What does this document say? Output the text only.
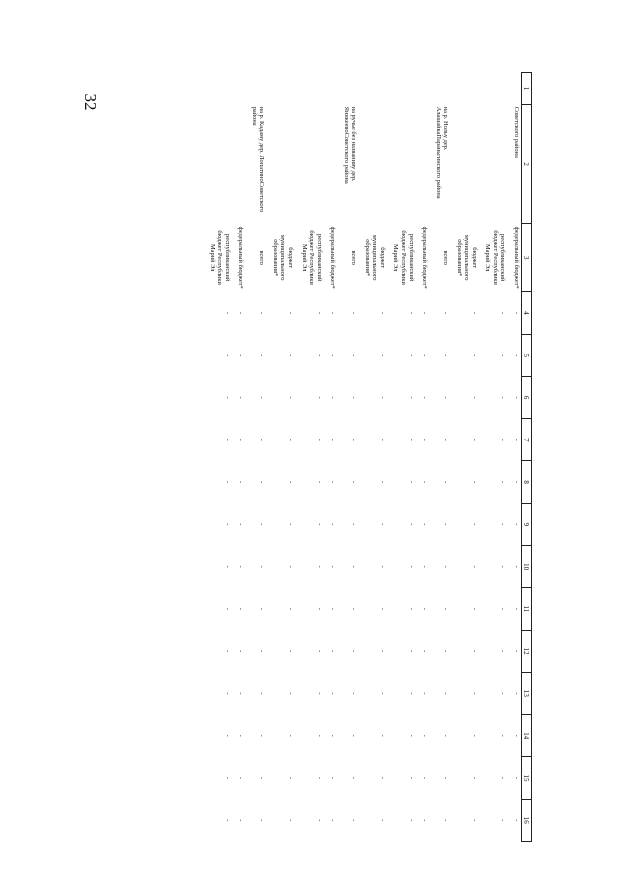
32
1	2	3	4	5	6	7	8	9	10	11	12	13	14	15	16
	Советского района	федеральный бюджет*	-	-	-	-	-	-	-	-	-	-	-	-	-
		республиканский бюджет Республики Марий Эл	-	-	-	-	-	-	-	-	-	-	-	-	-
		бюджет муниципального образования*	-	-	-	-	-	-	-	-	-	-	-	-	-
	на р. Нольу дер. АлашайкаПараньгинского района	всего	-	-	-	-	-	-	-	-	-	-	-	-	-
		федеральный бюджет*	-	-	-	-	-	-	-	-	-	-	-	-	-
		республиканский бюджет Республики Марий Эл	-	-	-	-	-	-	-	-	-	-	-	-	-
		бюджет муниципального образования*	-	-	-	-	-	-	-	-	-	-	-	-	-
	на ручье без названияу дер. ЯникеевоСоветского района	всего	-	-	-	-	-	-	-	-	-	-	-	-	-
		федеральный бюджет*	-	-	-	-	-	-	-	-	-	-	-	-	-
		республиканский бюджет Республики Марий Эл	-	-	-	-	-	-	-	-	-	-	-	-	-
		бюджет муниципального образования*	-	-	-	-	-	-	-	-	-	-	-	-	-
	на р. Кадаму дер. ЛопатиноСоветского района	всего	-	-	-	-	-	-	-	-	-	-	-	-	-
		федеральный бюджет*	-	-	-	-	-	-	-	-	-	-	-	-	-
		республиканский бюджет Республики Марий Эл	-	-	-	-	-	-	-	-	-	-	-	-	-
